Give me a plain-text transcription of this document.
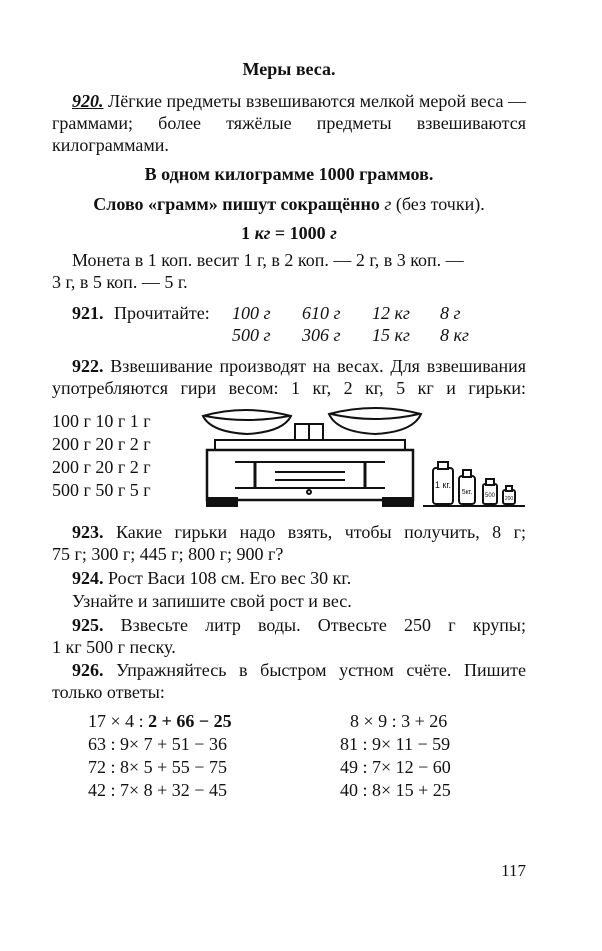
Меры веса.
920. Лёгкие предметы взвешиваются мелкой мерой веса — граммами; более тяжёлые предметы взвешиваются килограммами.
В одном килограмме 1000 граммов.
Слово «грамм» пишут сокращённо г (без точки).
1 кг = 1000 г
Монета в 1 коп. весит 1 г, в 2 коп. — 2 г, в 3 коп. —
3 г, в 5 коп. — 5 г.
921. Прочитайте: 100 г 610 г 12 кг 8 г
500 г 306 г 15 кг 8 кг
922. Взвешивание производят на весах. Для взвешивания употребляются гири весом: 1 кг, 2 кг, 5 кг и гирьки:
100 г 10 г 1 г
200 г 20 г 2 г
200 г 20 г 2 г
500 г 50 г 5 г	1 кг.
5кг. 500 200
923. Какие гирьки надо взять, чтобы получить, 8 г;
75 г; 300 г; 445 г; 800 г; 900 г?
924. Рост Васи 108 см. Его вес 30 кг.
Узнайте и запишите свой рост и вес.
925. Взвесьте литр воды. Отвесьте 250 г крупы;
1 кг 500 г песку.
926. Упражняйтесь в быстром устном счёте. Пишите
только ответы:
17 × 4 : 2 + 66 − 25
63 : 9× 7 + 51 − 36
72 : 8× 5 + 55 − 75
42 : 7× 8 + 32 − 45
8 × 9 : 3 + 26
81 : 9× 11 − 59
49 : 7× 12 − 60
40 : 8× 15 + 25
117
